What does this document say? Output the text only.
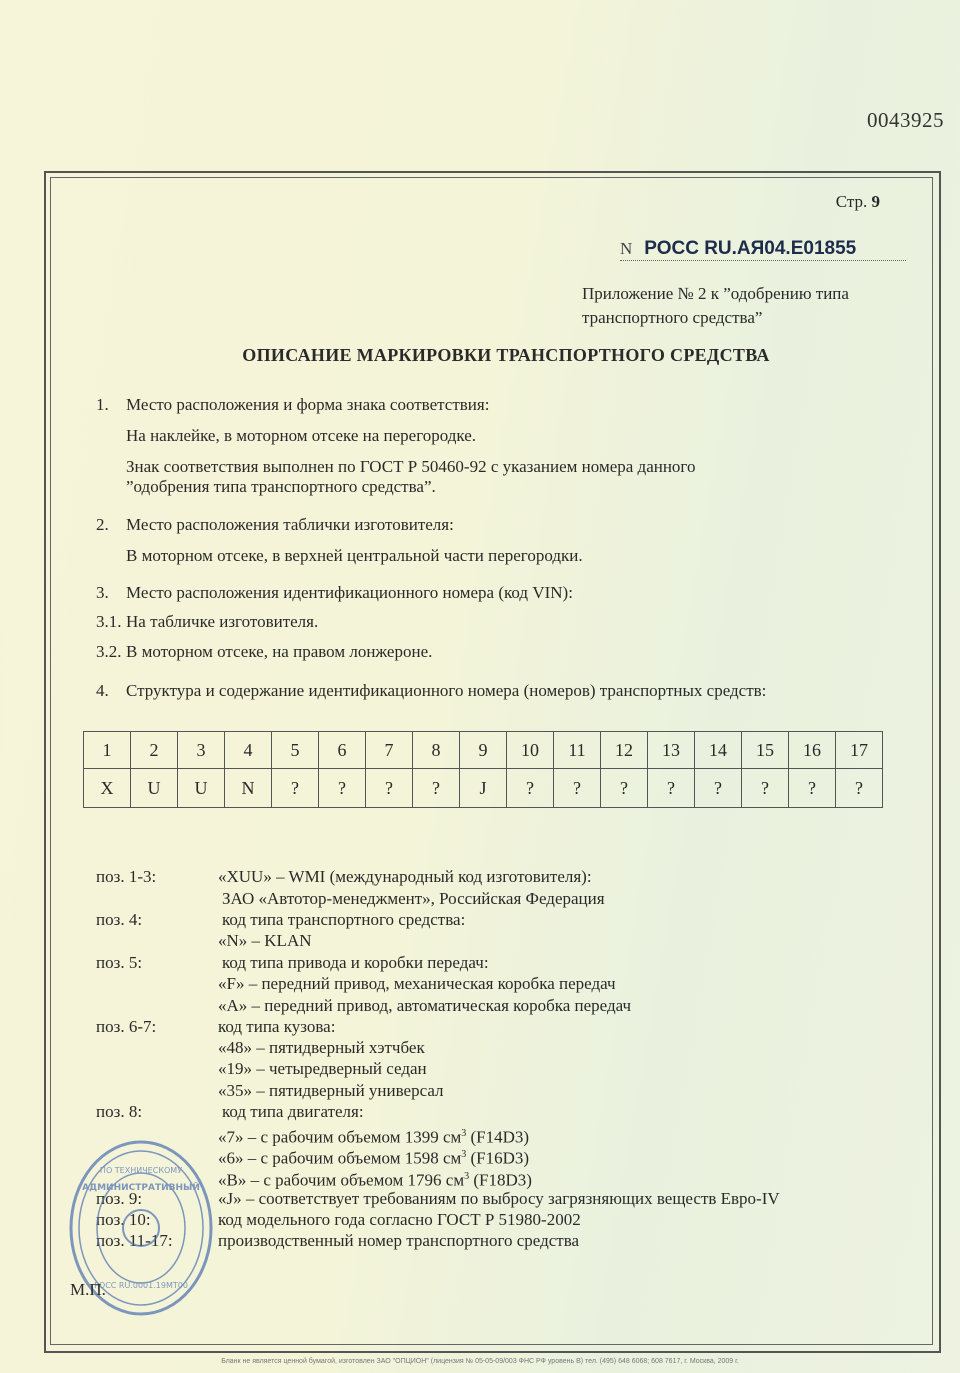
0043925
Стр. 9
N РОСС RU.АЯ04.Е01855
Приложение № 2 к ”одобрению типа
транспортного средства”
ОПИСАНИЕ МАРКИРОВКИ ТРАНСПОРТНОГО СРЕДСТВА
1. Место расположения и форма знака соответствия:
На наклейке, в моторном отсеке на перегородке.
Знак соответствия выполнен по ГОСТ Р 50460-92 с указанием номера данного
”одобрения типа транспортного средства”.
2. Место расположения таблички изготовителя:
В моторном отсеке, в верхней центральной части перегородки.
3. Место расположения идентификационного номера (код VIN):
3.1. На табличке изготовителя.
3.2. В моторном отсеке, на правом лонжероне.
4. Структура и содержание идентификационного номера (номеров) транспортных средств:
1	2	3	4	5	6	7	8	9	10	11	12	13	14	15	16	17
X	U	U	N	?	?	?	?	J	?	?	?	?	?	?	?	?
поз. 1-3:	«XUU» – WMI (международный код изготовителя):
ЗАО «Автотор-менеджмент», Российская Федерация
поз. 4:	код типа транспортного средства:
«N» – KLAN
поз. 5:	код типа привода и коробки передач:
«F» – передний привод, механическая коробка передач
«A» – передний привод, автоматическая коробка передач
поз. 6-7:	код типа кузова:
«48» – пятидверный хэтчбек
«19» – четыредверный седан
«35» – пятидверный универсал
поз. 8:	код типа двигателя:
«7» – с рабочим объемом 1399 $см^3$ (F14D3)
«6» – с рабочим объемом 1598 $см^3$ (F16D3)
«B» – с рабочим объемом 1796 $см^3$ (F18D3)
поз. 9:	«J» – соответствует требованиям по выбросу загрязняющих веществ Евро-IV
поз. 10:	код модельного года согласно ГОСТ Р 51980-2002
поз. 11-17:	производственный номер транспортного средства
ПО ТЕХНИЧЕСКОМУ
АДМИНИСТРАТИВНЫЙ
РОСС RU.0001.19МТ00
М.П.
Бланк не является ценной бумагой, изготовлен ЗАО "ОПЦИОН" (лицензия № 05-05-09/003 ФНС РФ уровень В) тел. (495) 648 6068; 608 7617, г. Москва, 2009 г.
